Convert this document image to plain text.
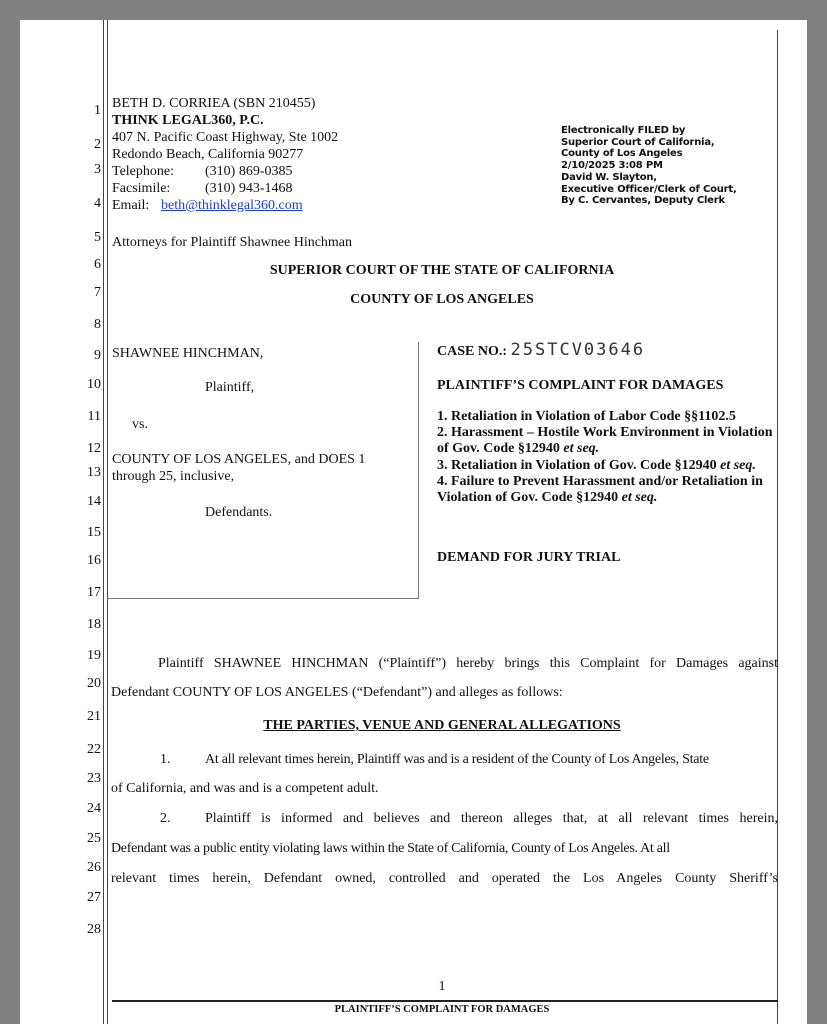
1
2
3
4
5
6
7
8
9
10
11
12
13
14
15
16
17
18
19
20
21
22
23
24
25
26
27
28
BETH D. CORRIEA (SBN 210455)
THINK LEGAL360, P.C.
407 N. Pacific Coast Highway, Ste 1002
Redondo Beach, California 90277
Telephone: (310) 869-0385
Facsimile: (310) 943-1468
Email: beth@thinklegal360.com
Attorneys for Plaintiff Shawnee Hinchman
Electronically FILED by
Superior Court of California,
County of Los Angeles
2/10/2025 3:08 PM
David W. Slayton,
Executive Officer/Clerk of Court,
By C. Cervantes, Deputy Clerk
SUPERIOR COURT OF THE STATE OF CALIFORNIA
COUNTY OF LOS ANGELES
SHAWNEE HINCHMAN,
Plaintiff,
vs.
COUNTY OF LOS ANGELES, and DOES 1
through 25, inclusive,
Defendants.
CASE NO.: 25STCV03646
PLAINTIFF’S COMPLAINT FOR DAMAGES
1. Retaliation in Violation of Labor Code §§1102.5
2. Harassment – Hostile Work Environment in Violation of Gov. Code §12940 et seq.
3. Retaliation in Violation of Gov. Code §12940 et seq.
4. Failure to Prevent Harassment and/or Retaliation in Violation of Gov. Code §12940 et seq.
DEMAND FOR JURY TRIAL
Plaintiff SHAWNEE HINCHMAN (“Plaintiff”) hereby brings this Complaint for Damages against
Defendant COUNTY OF LOS ANGELES (“Defendant”) and alleges as follows:
THE PARTIES, VENUE AND GENERAL ALLEGATIONS
1.	At all relevant times herein, Plaintiff was and is a resident of the County of Los Angeles, State
of California, and was and is a competent adult.
2.	Plaintiff is informed and believes and thereon alleges that, at all relevant times herein,
Defendant was a public entity violating laws within the State of California, County of Los Angeles. At all
relevant times herein, Defendant owned, controlled and operated the Los Angeles County Sheriff’s
1
PLAINTIFF’S COMPLAINT FOR DAMAGES
